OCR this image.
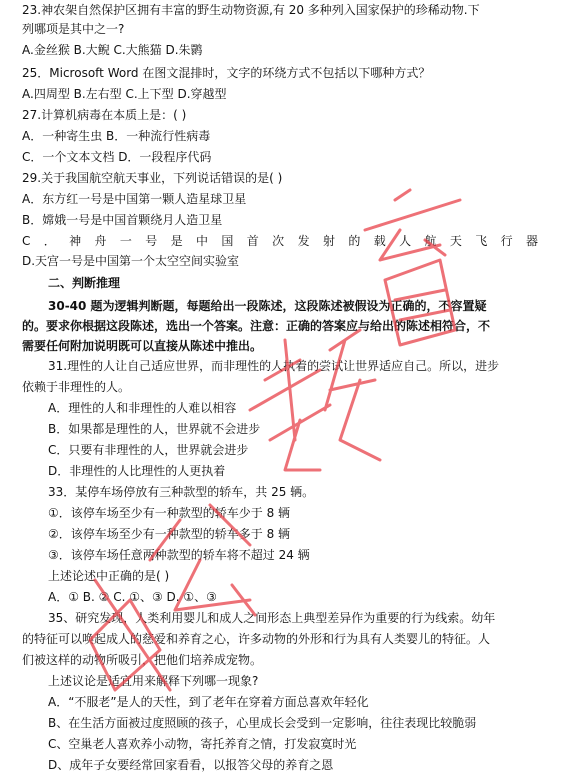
23.神农架自然保护区拥有丰富的野生动物资源,有 20 多种列入国家保护的珍稀动物.下
列哪项是其中之一?
A.金丝猴 B.大鲵 C.大熊猫 D.朱鹮
25．Microsoft Word 在图文混排时，文字的环绕方式不包括以下哪种方式？
A.四周型 B.左右型 C.上下型 D.穿越型
27.计算机病毒在本质上是：( )
A．一种寄生虫 B．一种流行性病毒
C．一个文本文档 D．一段程序代码
29.关于我国航空航天事业，下列说话错误的是( )
A．东方红一号是中国第一颗人造星球卫星
B．嫦娥一号是中国首颗绕月人造卫星
C．神舟一号是中国首次发射的载人航天飞行器
D.天宫一号是中国第一个太空空间实验室
二、判断推理
30-40 题为逻辑判断题，每题给出一段陈述，这段陈述被假设为正确的，不容置疑
的。要求你根据这段陈述，选出一个答案。注意：正确的答案应与给出的陈述相符合，不
需要任何附加说明既可以直接从陈述中推出。
31.理性的人让自己适应世界，而非理性的人执着的尝试让世界适应自己。所以，进步
依赖于非理性的人。
A．理性的人和非理性的人难以相容
B．如果都是理性的人，世界就不会进步
C．只要有非理性的人，世界就会进步
D．非理性的人比理性的人更执着
33．某停车场停放有三种款型的轿车，共 25 辆。
①．该停车场至少有一种款型的轿车少于 8 辆
②．该停车场至少有一种款型的轿车多于 8 辆
③．该停车场任意两种款型的轿车将不超过 24 辆
上述论述中正确的是( )
A．① B. ② C. ①、③ D. ①、③
35、研究发现，人类利用婴儿和成人之间形态上典型差异作为重要的行为线索。幼年
的特征可以唤起成人的慈爱和养育之心，许多动物的外形和行为具有人类婴儿的特征。人
们被这样的动物所吸引，把他们培养成宠物。
上述议论是适宜用来解释下列哪一现象?
A．“不服老”是人的天性，到了老年在穿着方面总喜欢年轻化
B、在生活方面被过度照顾的孩子，心里成长会受到一定影响，往往表现比较脆弱
C、空巢老人喜欢养小动物，寄托养育之情，打发寂寞时光
D、成年子女要经常回家看看，以报答父母的养育之恩
